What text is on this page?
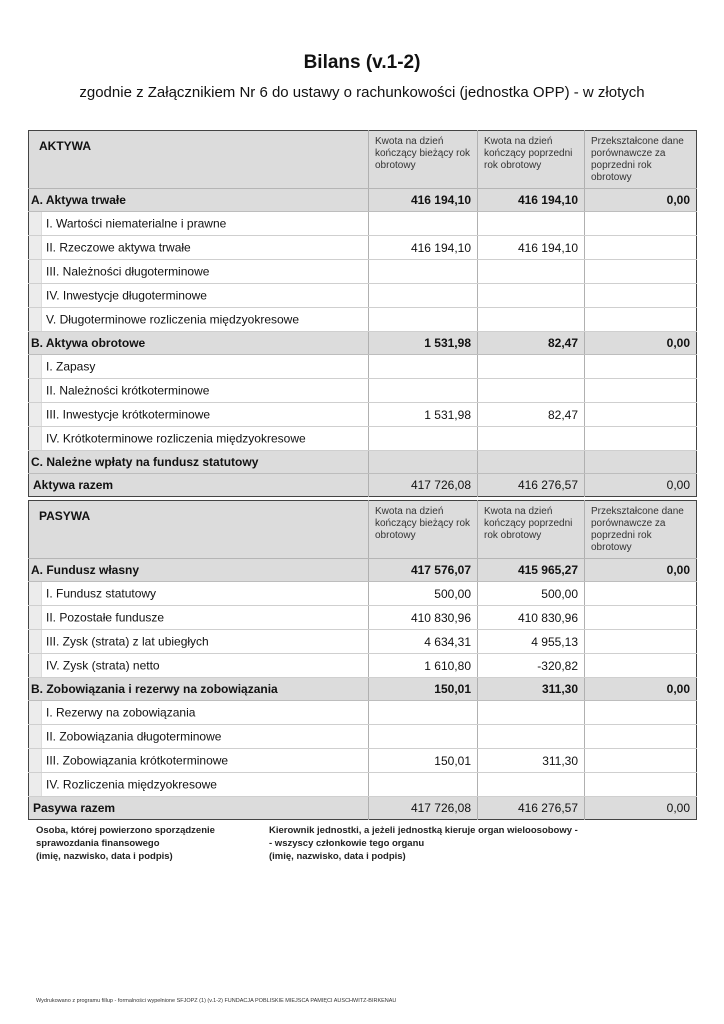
Bilans (v.1-2)
zgodnie z Załącznikiem Nr 6 do ustawy o rachunkowości (jednostka OPP) - w złotych
AKTYWA	Kwota na dzień kończący bieżący rok obrotowy	Kwota na dzień kończący poprzedni rok obrotowy	Przekształcone dane porównawcze za poprzedni rok obrotowy
A. Aktywa trwałe	416 194,10	416 194,10	0,00
I. Wartości niematerialne i prawne			
II. Rzeczowe aktywa trwałe	416 194,10	416 194,10	
III. Należności długoterminowe			
IV. Inwestycje długoterminowe			
V. Długoterminowe rozliczenia międzyokresowe			
B. Aktywa obrotowe	1 531,98	82,47	0,00
I. Zapasy			
II. Należności krótkoterminowe			
III. Inwestycje krótkoterminowe	1 531,98	82,47	
IV. Krótkoterminowe rozliczenia międzyokresowe			
C. Należne wpłaty na fundusz statutowy			
Aktywa razem	417 726,08	416 276,57	0,00
PASYWA	Kwota na dzień kończący bieżący rok obrotowy	Kwota na dzień kończący poprzedni rok obrotowy	Przekształcone dane porównawcze za poprzedni rok obrotowy
A. Fundusz własny	417 576,07	415 965,27	0,00
I. Fundusz statutowy	500,00	500,00	
II. Pozostałe fundusze	410 830,96	410 830,96	
III. Zysk (strata) z lat ubiegłych	4 634,31	4 955,13	
IV. Zysk (strata) netto	1 610,80	-320,82	
B. Zobowiązania i rezerwy na zobowiązania	150,01	311,30	0,00
I. Rezerwy na zobowiązania			
II. Zobowiązania długoterminowe			
III. Zobowiązania krótkoterminowe	150,01	311,30	
IV. Rozliczenia międzyokresowe			
Pasywa razem	417 726,08	416 276,57	0,00
Osoba, której powierzono sporządzenie
sprawozdania finansowego
(imię, nazwisko, data i podpis)
Kierownik jednostki, a jeżeli jednostką kieruje organ wieloosobowy -
- wszyscy członkowie tego organu
(imię, nazwisko, data i podpis)
Wydrukowano z programu fillup - formalności wypełnione SFJOPZ (1) (v.1-2) FUNDACJA POBLISKIE MIEJSCA PAMIĘCI AUSCHWITZ-BIRKENAU
